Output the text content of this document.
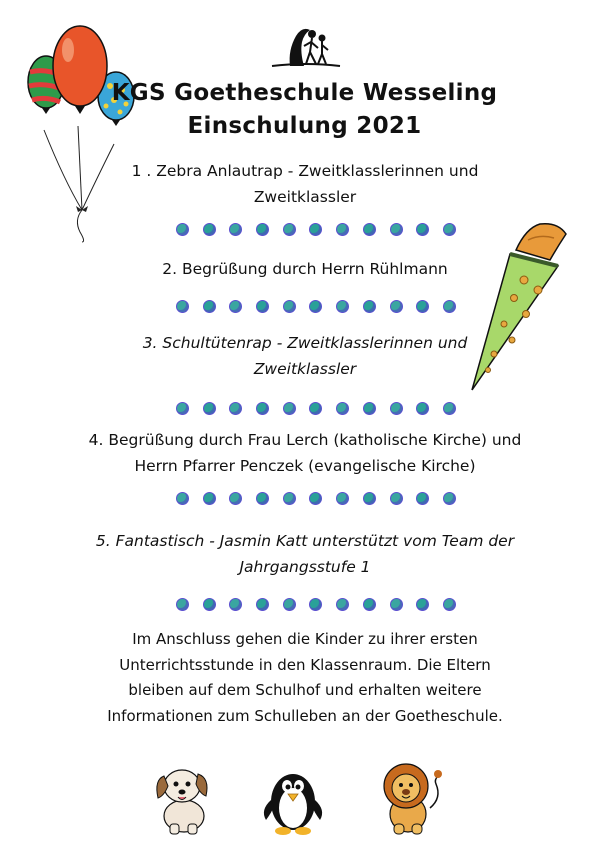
KGS Goetheschule Wesseling
Einschulung 2021
1 . Zebra Anlautrap - Zweitklasslerinnen und
Zweitklassler
2. Begrüßung durch Herrn Rühlmann
3. Schultütenrap - Zweitklasslerinnen und
Zweitklassler
4. Begrüßung durch Frau Lerch (katholische Kirche) und
Herrn Pfarrer Penczek (evangelische Kirche)
5. Fantastisch - Jasmin Katt unterstützt vom Team der
Jahrgangsstufe 1
Im Anschluss gehen die Kinder zu ihrer ersten
Unterrichtsstunde in den Klassenraum. Die Eltern
bleiben auf dem Schulhof und erhalten weitere
Informationen zum Schulleben an der Goetheschule.
